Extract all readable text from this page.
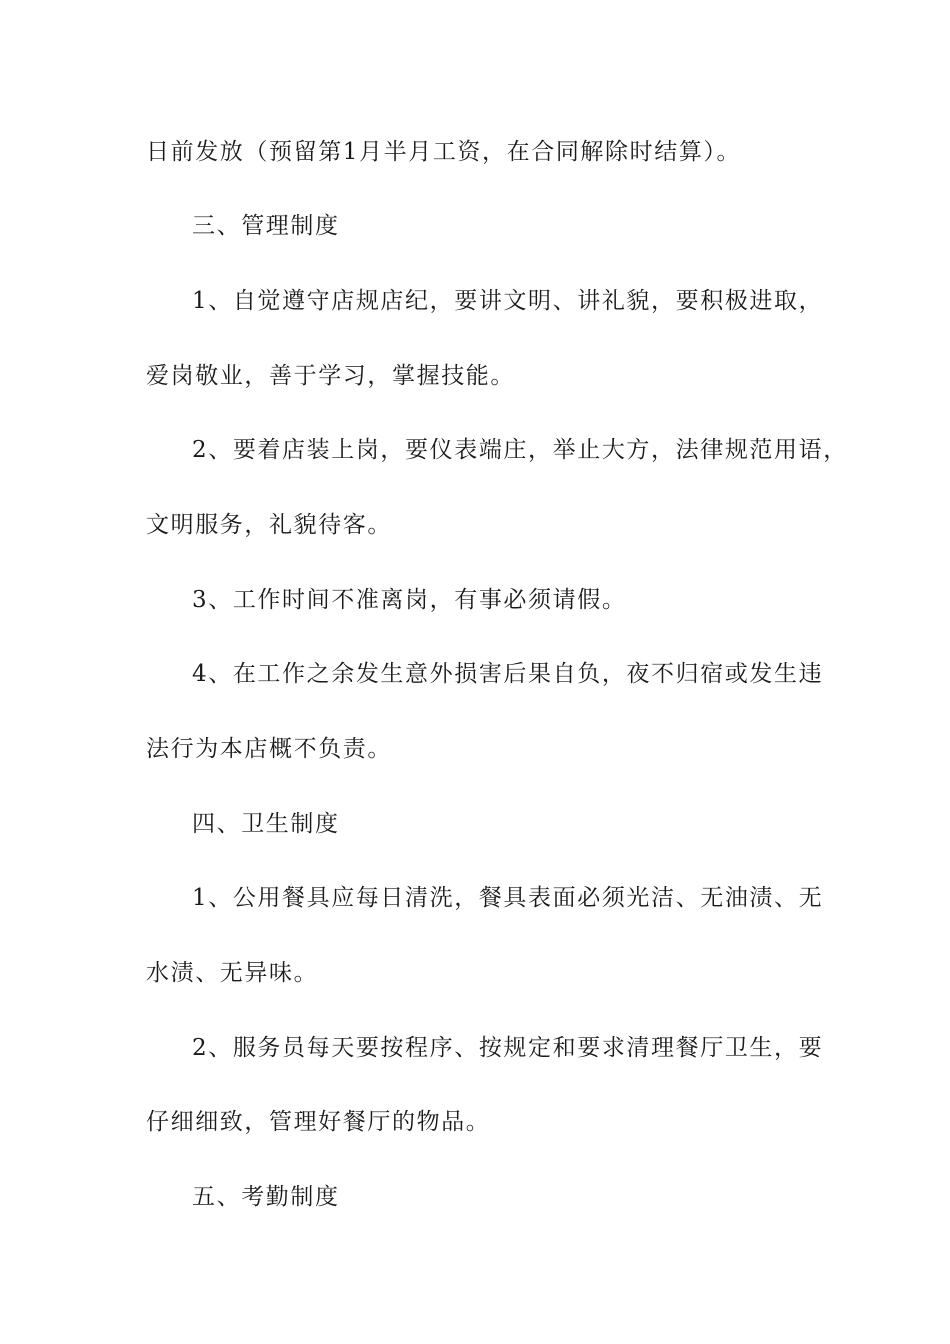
日前发放（预留第1月半月工资，在合同解除时结算）。
三、管理制度
1、自觉遵守店规店纪，要讲文明、讲礼貌，要积极进取，
爱岗敬业，善于学习，掌握技能。
2、要着店装上岗，要仪表端庄，举止大方，法律规范用语，
文明服务，礼貌待客。
3、工作时间不准离岗，有事必须请假。
4、在工作之余发生意外损害后果自负，夜不归宿或发生违
法行为本店概不负责。
四、卫生制度
1、公用餐具应每日清洗，餐具表面必须光洁、无油渍、无
水渍、无异味。
2、服务员每天要按程序、按规定和要求清理餐厅卫生，要
仔细细致，管理好餐厅的物品。
五、考勤制度
